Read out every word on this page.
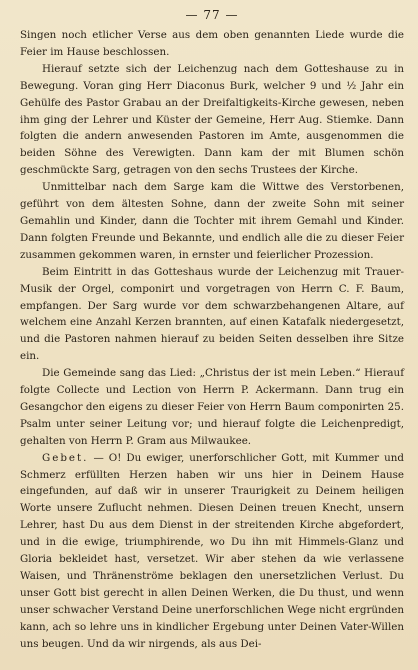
— 77 —

Singen noch etlicher Verse aus dem oben genannten Liede wurde die Feier im Hause beschlossen.

Hierauf setzte sich der Leichenzug nach dem Gotteshause zu in Bewegung. Voran ging Herr Diaconus Burk, welcher 9 und ½ Jahr ein Gehülfe des Pastor Grabau an der Dreifaltigkeits-Kirche gewesen, neben ihm ging der Lehrer und Küster der Gemeine, Herr Aug. Stiemke. Dann folgten die andern anwesenden Pastoren im Amte, ausgenommen die beiden Söhne des Verewigten. Dann kam der mit Blumen schön geschmückte Sarg, getragen von den sechs Trustees der Kirche.

Unmittelbar nach dem Sarge kam die Wittwe des Verstorbenen, geführt von dem ältesten Sohne, dann der zweite Sohn mit seiner Gemahlin und Kinder, dann die Tochter mit ihrem Gemahl und Kinder. Dann folgten Freunde und Bekannte, und endlich alle die zu dieser Feier zusammen gekommen waren, in ernster und feierlicher Prozession.

Beim Eintritt in das Gotteshaus wurde der Leichenzug mit Trauer-Musik der Orgel, componirt und vorgetragen von Herrn C. F. Baum, empfangen. Der Sarg wurde vor dem schwarzbehangenen Altare, auf welchem eine Anzahl Kerzen brannten, auf einen Katafalk niedergesetzt, und die Pastoren nahmen hierauf zu beiden Seiten desselben ihre Sitze ein.

Die Gemeinde sang das Lied: „Christus der ist mein Leben.“ Hierauf folgte Collecte und Lection von Herrn P. Ackermann. Dann trug ein Gesangchor den eigens zu dieser Feier von Herrn Baum componirten 25. Psalm unter seiner Leitung vor; und hierauf folgte die Leichenpredigt, gehalten von Herrn P. Gram aus Milwaukee.

Gebet. — O! Du ewiger, unerforschlicher Gott, mit Kummer und Schmerz erfüllten Herzen haben wir uns hier in Deinem Hause eingefunden, auf daß wir in unserer Traurigkeit zu Deinem heiligen Worte unsere Zuflucht nehmen. Diesen Deinen treuen Knecht, unsern Lehrer, hast Du aus dem Dienst in der streitenden Kirche abgefordert, und in die ewige, triumphirende, wo Du ihn mit Himmels-Glanz und Gloria bekleidet hast, versetzet. Wir aber stehen da wie verlassene Waisen, und Thränenströme beklagen den unersetzlichen Verlust. Du unser Gott bist gerecht in allen Deinen Werken, die Du thust, und wenn unser schwacher Verstand Deine unerforschlichen Wege nicht ergründen kann, ach so lehre uns in kindlicher Ergebung unter Deinen Vater-Willen uns beugen. Und da wir nirgends, als aus Dei-
